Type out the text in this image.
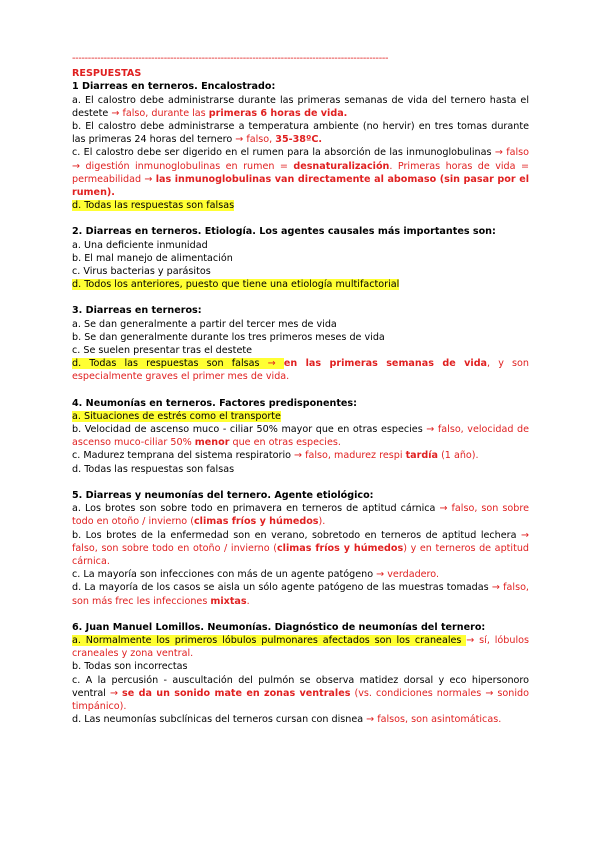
----------------------------------------------------------------------------------------------------
RESPUESTAS
1 Diarreas en terneros. Encalostrado:

a. El calostro debe administrarse durante las primeras semanas de vida del ternero hasta el destete → falso, durante las primeras 6 horas de vida.

b. El calostro debe administrarse a temperatura ambiente (no hervir) en tres tomas durante las primeras 24 horas del ternero → falso, 35-38ºC.

c. El calostro debe ser digerido en el rumen para la absorción de las inmunoglobulinas → falso → digestión inmunoglobulinas en rumen = desnaturalización. Primeras horas de vida = permeabilidad → las inmunoglobulinas van directamente al abomaso (sin pasar por el rumen).

d. Todas las respuestas son falsas

2. Diarreas en terneros. Etiología. Los agentes causales más importantes son:

a. Una deficiente inmunidad

b. El mal manejo de alimentación

c. Virus bacterias y parásitos

d. Todos los anteriores, puesto que tiene una etiología multifactorial

3. Diarreas en terneros:

a. Se dan generalmente a partir del tercer mes de vida

b. Se dan generalmente durante los tres primeros meses de vida

c. Se suelen presentar tras el destete

d. Todas las respuestas son falsas → en las primeras semanas de vida, y son especialmente graves el primer mes de vida.

4. Neumonías en terneros. Factores predisponentes:

a. Situaciones de estrés como el transporte

b. Velocidad de ascenso muco - ciliar 50% mayor que en otras especies → falso, velocidad de ascenso muco-ciliar 50% menor que en otras especies.

c. Madurez temprana del sistema respiratorio → falso, madurez respi tardía (1 año).

d. Todas las respuestas son falsas

5. Diarreas y neumonías del ternero. Agente etiológico:

a. Los brotes son sobre todo en primavera en terneros de aptitud cárnica → falso, son sobre todo en otoño / invierno (climas fríos y húmedos).

b. Los brotes de la enfermedad son en verano, sobretodo en terneros de aptitud lechera → falso, son sobre todo en otoño / invierno (climas fríos y húmedos) y en terneros de aptitud cárnica.

c. La mayoría son infecciones con más de un agente patógeno → verdadero.

d. La mayoría de los casos se aisla un sólo agente patógeno de las muestras tomadas → falso, son más frec les infecciones mixtas.

6. Juan Manuel Lomillos. Neumonías. Diagnóstico de neumonías del ternero:

a. Normalmente los primeros lóbulos pulmonares afectados son los craneales → sí, lóbulos craneales y zona ventral.

b. Todas son incorrectas

c. A la percusión - auscultación del pulmón se observa matidez dorsal y eco hipersonoro ventral → se da un sonido mate en zonas ventrales (vs. condiciones normales → sonido timpánico).

d. Las neumonías subclínicas del terneros cursan con disnea → falsos, son asintomáticas.
